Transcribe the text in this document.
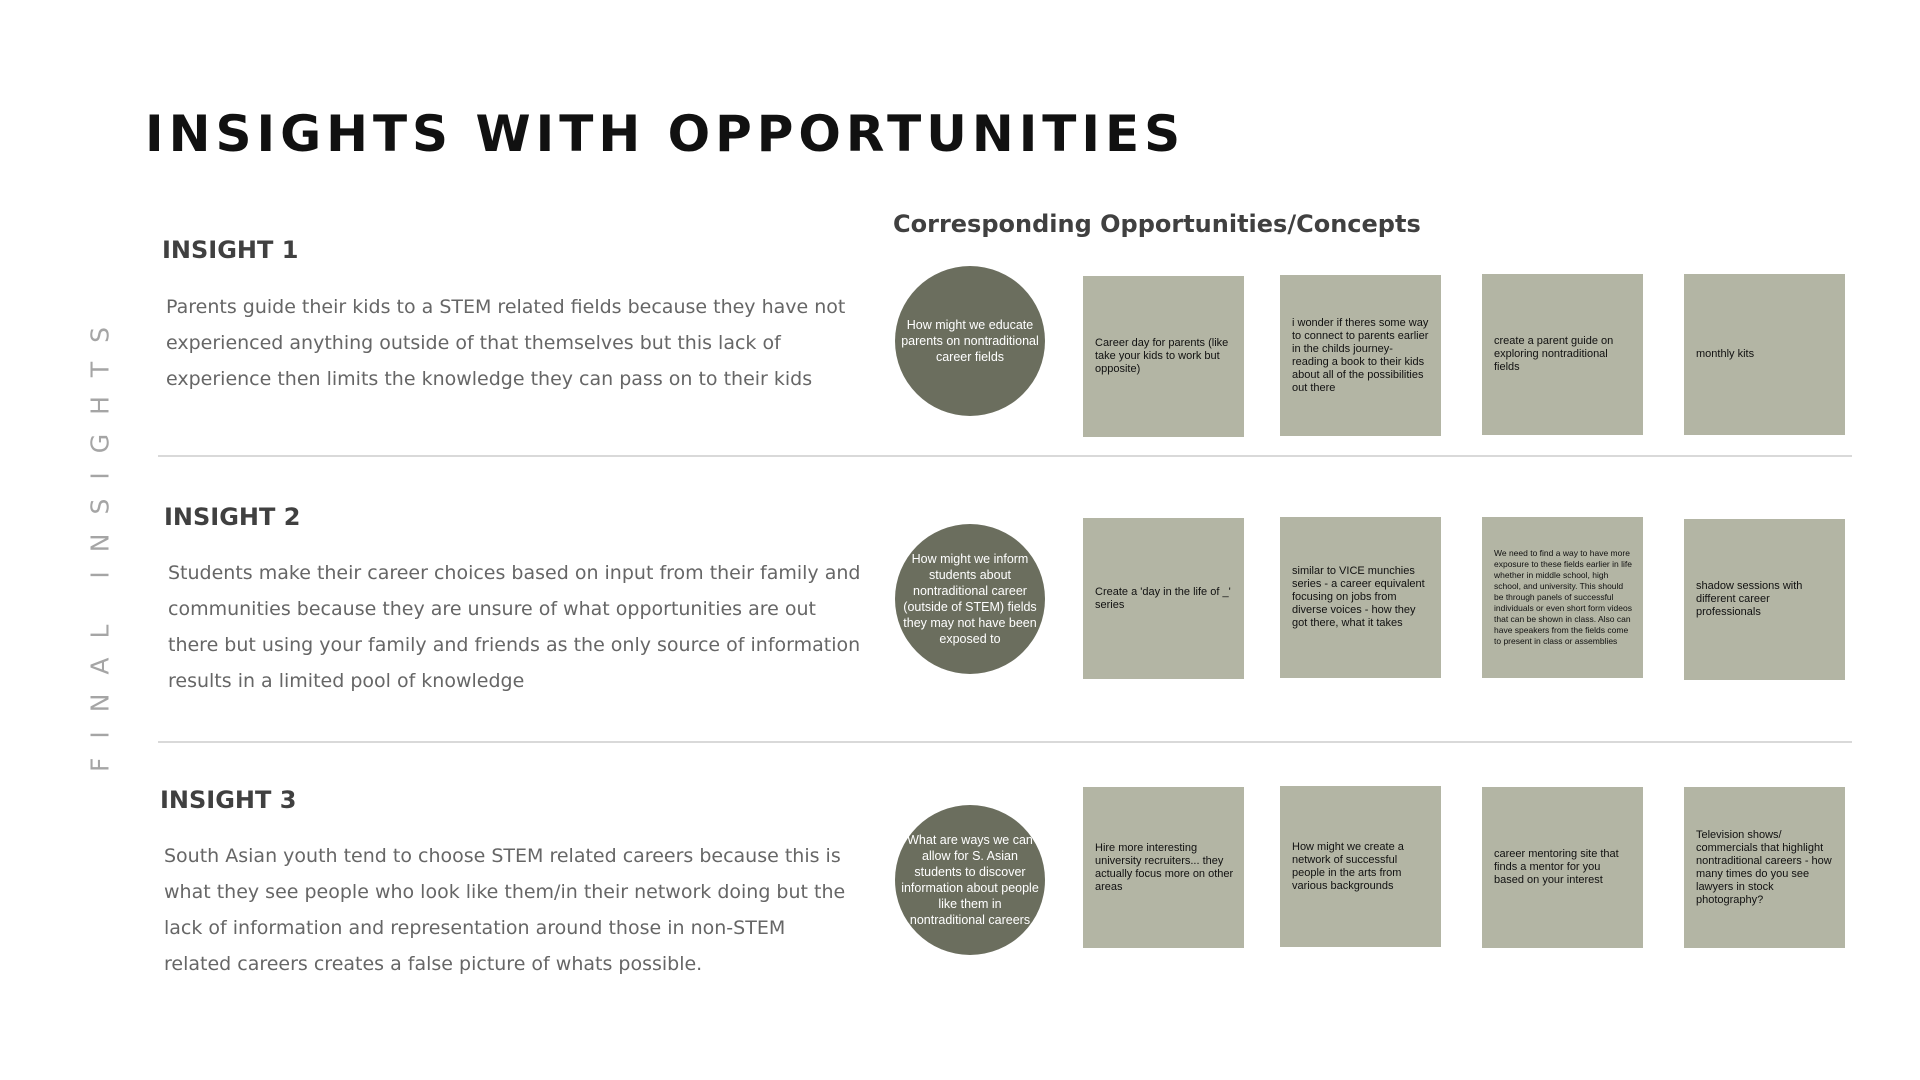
INSIGHTS WITH OPPORTUNITIES
FINAL INSIGHTS
Corresponding Opportunities/Concepts
INSIGHT 1

Parents guide their kids to a STEM related fields because they have not experienced anything outside of that themselves but this lack of experience then limits the knowledge they can pass on to their kids

How might we educate parents on nontraditional career fields
Career day for parents (like take your kids to work but opposite)
i wonder if theres some way to connect to parents earlier in the childs journey- reading a book to their kids about all of the possibilities out there
create a parent guide on exploring nontraditional fields
monthly kits
INSIGHT 2

Students make their career choices based on input from their family and communities because they are unsure of what opportunities are out there but using your family and friends as the only source of information results in a limited pool of knowledge

How might we inform students about nontraditional career (outside of STEM) fields they may not have been exposed to
Create a 'day in the life of _' series
similar to VICE munchies series - a career equivalent focusing on jobs from diverse voices - how they got there, what it takes
We need to find a way to have more exposure to these fields earlier in life whether in middle school, high school, and university. This should be through panels of successful individuals or even short form videos that can be shown in class. Also can have speakers from the fields come to present in class or assemblies
shadow sessions with different career professionals
INSIGHT 3

South Asian youth tend to choose STEM related careers because this is what they see people who look like them/in their network doing but the lack of information and representation around those in non-STEM related careers creates a false picture of whats possible.

What are ways we can allow for S. Asian students to discover information about people like them in nontraditional careers
Hire more interesting university recruiters... they actually focus more on other areas
How might we create a network of successful people in the arts from various backgrounds
career mentoring site that finds a mentor for you based on your interest
Television shows/ commercials that highlight nontraditional careers - how many times do you see lawyers in stock photography?
